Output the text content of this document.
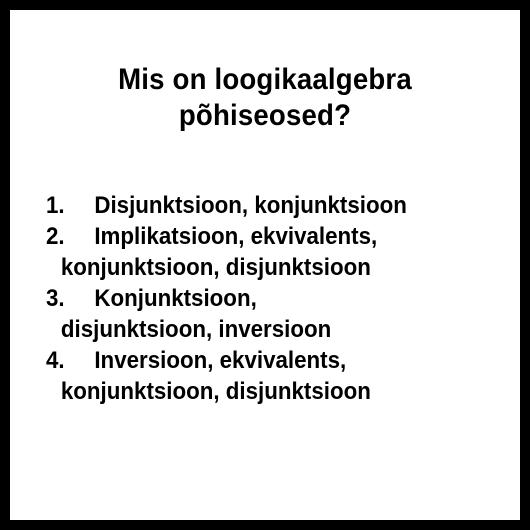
Mis on loogikaalgebra
põhiseosed?
1. Disjunktsioon, konjunktsioon
2. Implikatsioon, ekvivalents,
konjunktsioon, disjunktsioon
3. Konjunktsioon,
disjunktsioon, inversioon
4. Inversioon, ekvivalents,
konjunktsioon, disjunktsioon
